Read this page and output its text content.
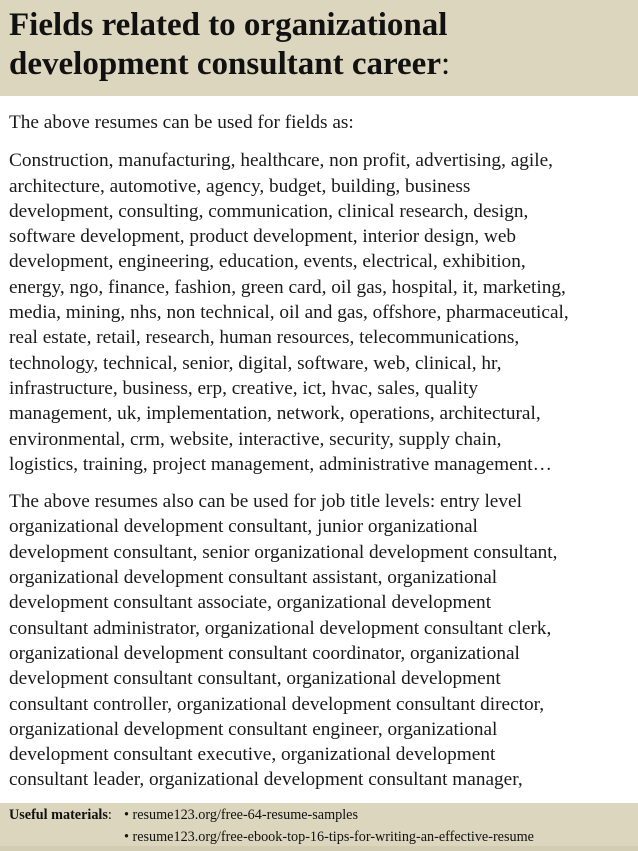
Fields related to organizational
development consultant career:

The above resumes can be used for fields as:

Construction, manufacturing, healthcare, non profit, advertising, agile,

architecture, automotive, agency, budget, building, business

development, consulting, communication, clinical research, design,

software development, product development, interior design, web

development, engineering, education, events, electrical, exhibition,

energy, ngo, finance, fashion, green card, oil gas, hospital, it, marketing,

media, mining, nhs, non technical, oil and gas, offshore, pharmaceutical,

real estate, retail, research, human resources, telecommunications,

technology, technical, senior, digital, software, web, clinical, hr,

infrastructure, business, erp, creative, ict, hvac, sales, quality

management, uk, implementation, network, operations, architectural,

environmental, crm, website, interactive, security, supply chain,

logistics, training, project management, administrative management…

The above resumes also can be used for job title levels: entry level

organizational development consultant, junior organizational

development consultant, senior organizational development consultant,

organizational development consultant assistant, organizational

development consultant associate, organizational development

consultant administrator, organizational development consultant clerk,

organizational development consultant coordinator, organizational

development consultant consultant, organizational development

consultant controller, organizational development consultant director,

organizational development consultant engineer, organizational

development consultant executive, organizational development

consultant leader, organizational development consultant manager,

Useful materials: • resume123.org/free-64-resume-samples
• resume123.org/free-ebook-top-16-tips-for-writing-an-effective-resume
